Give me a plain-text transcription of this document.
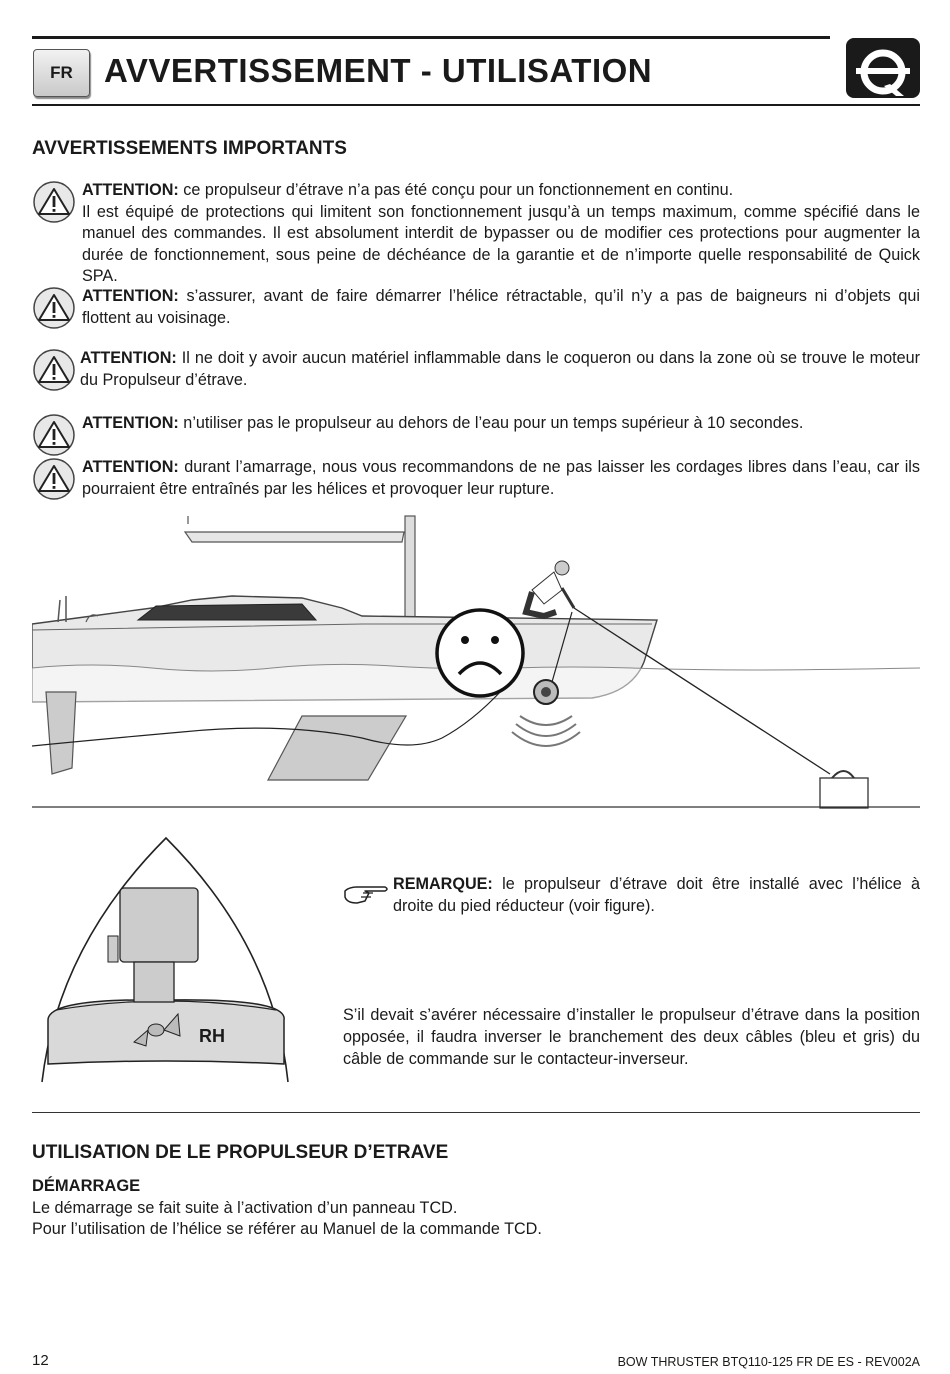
FR AVVERTISSEMENT - UTILISATION
AVVERTISSEMENTS IMPORTANTS
ATTENTION: ce propulseur d’étrave n’a pas été conçu pour un fonctionnement en continu.
Il est équipé de protections qui limitent son fonctionnement jusqu’à un temps maximum, comme spécifié dans le manuel des commandes. Il est absolument interdit de bypasser ou de modifier ces protections pour augmenter la durée de fonctionnement, sous peine de déchéance de la garantie et de n’importe quelle responsabilité de Quick SPA.
ATTENTION: s’assurer, avant de faire démarrer l’hélice rétractable, qu’il n’y a pas de baigneurs ni d’objets qui flottent au voisinage.
ATTENTION: Il ne doit y avoir aucun matériel inflammable dans le coqueron ou dans la zone où se trouve le moteur du Propulseur d’étrave.
ATTENTION: n’utiliser pas le propulseur au dehors de l’eau pour un temps supérieur à 10 secondes.
ATTENTION: durant l’amarrage, nous vous recommandons de ne pas laisser les cordages libres dans l’eau, car ils pourraient être entraînés par les hélices et provoquer leur rupture.
RH
REMARQUE: le propulseur d’étrave doit être installé avec l’hélice à droite du pied réducteur (voir figure).
S’il devait s’avérer nécessaire d’installer le propulseur d’étrave dans la position opposée, il faudra inverser le branchement des deux câbles (bleu et gris) du câble de commande sur le contacteur-inverseur.
UTILISATION DE LE PROPULSEUR D’ETRAVE
DÉMARRAGE
Le démarrage se fait suite à l’activation d’un panneau TCD.
Pour l’utilisation de l’hélice se référer au Manuel de la commande TCD.
12	BOW THRUSTER BTQ110-125 FR DE ES - REV002A
